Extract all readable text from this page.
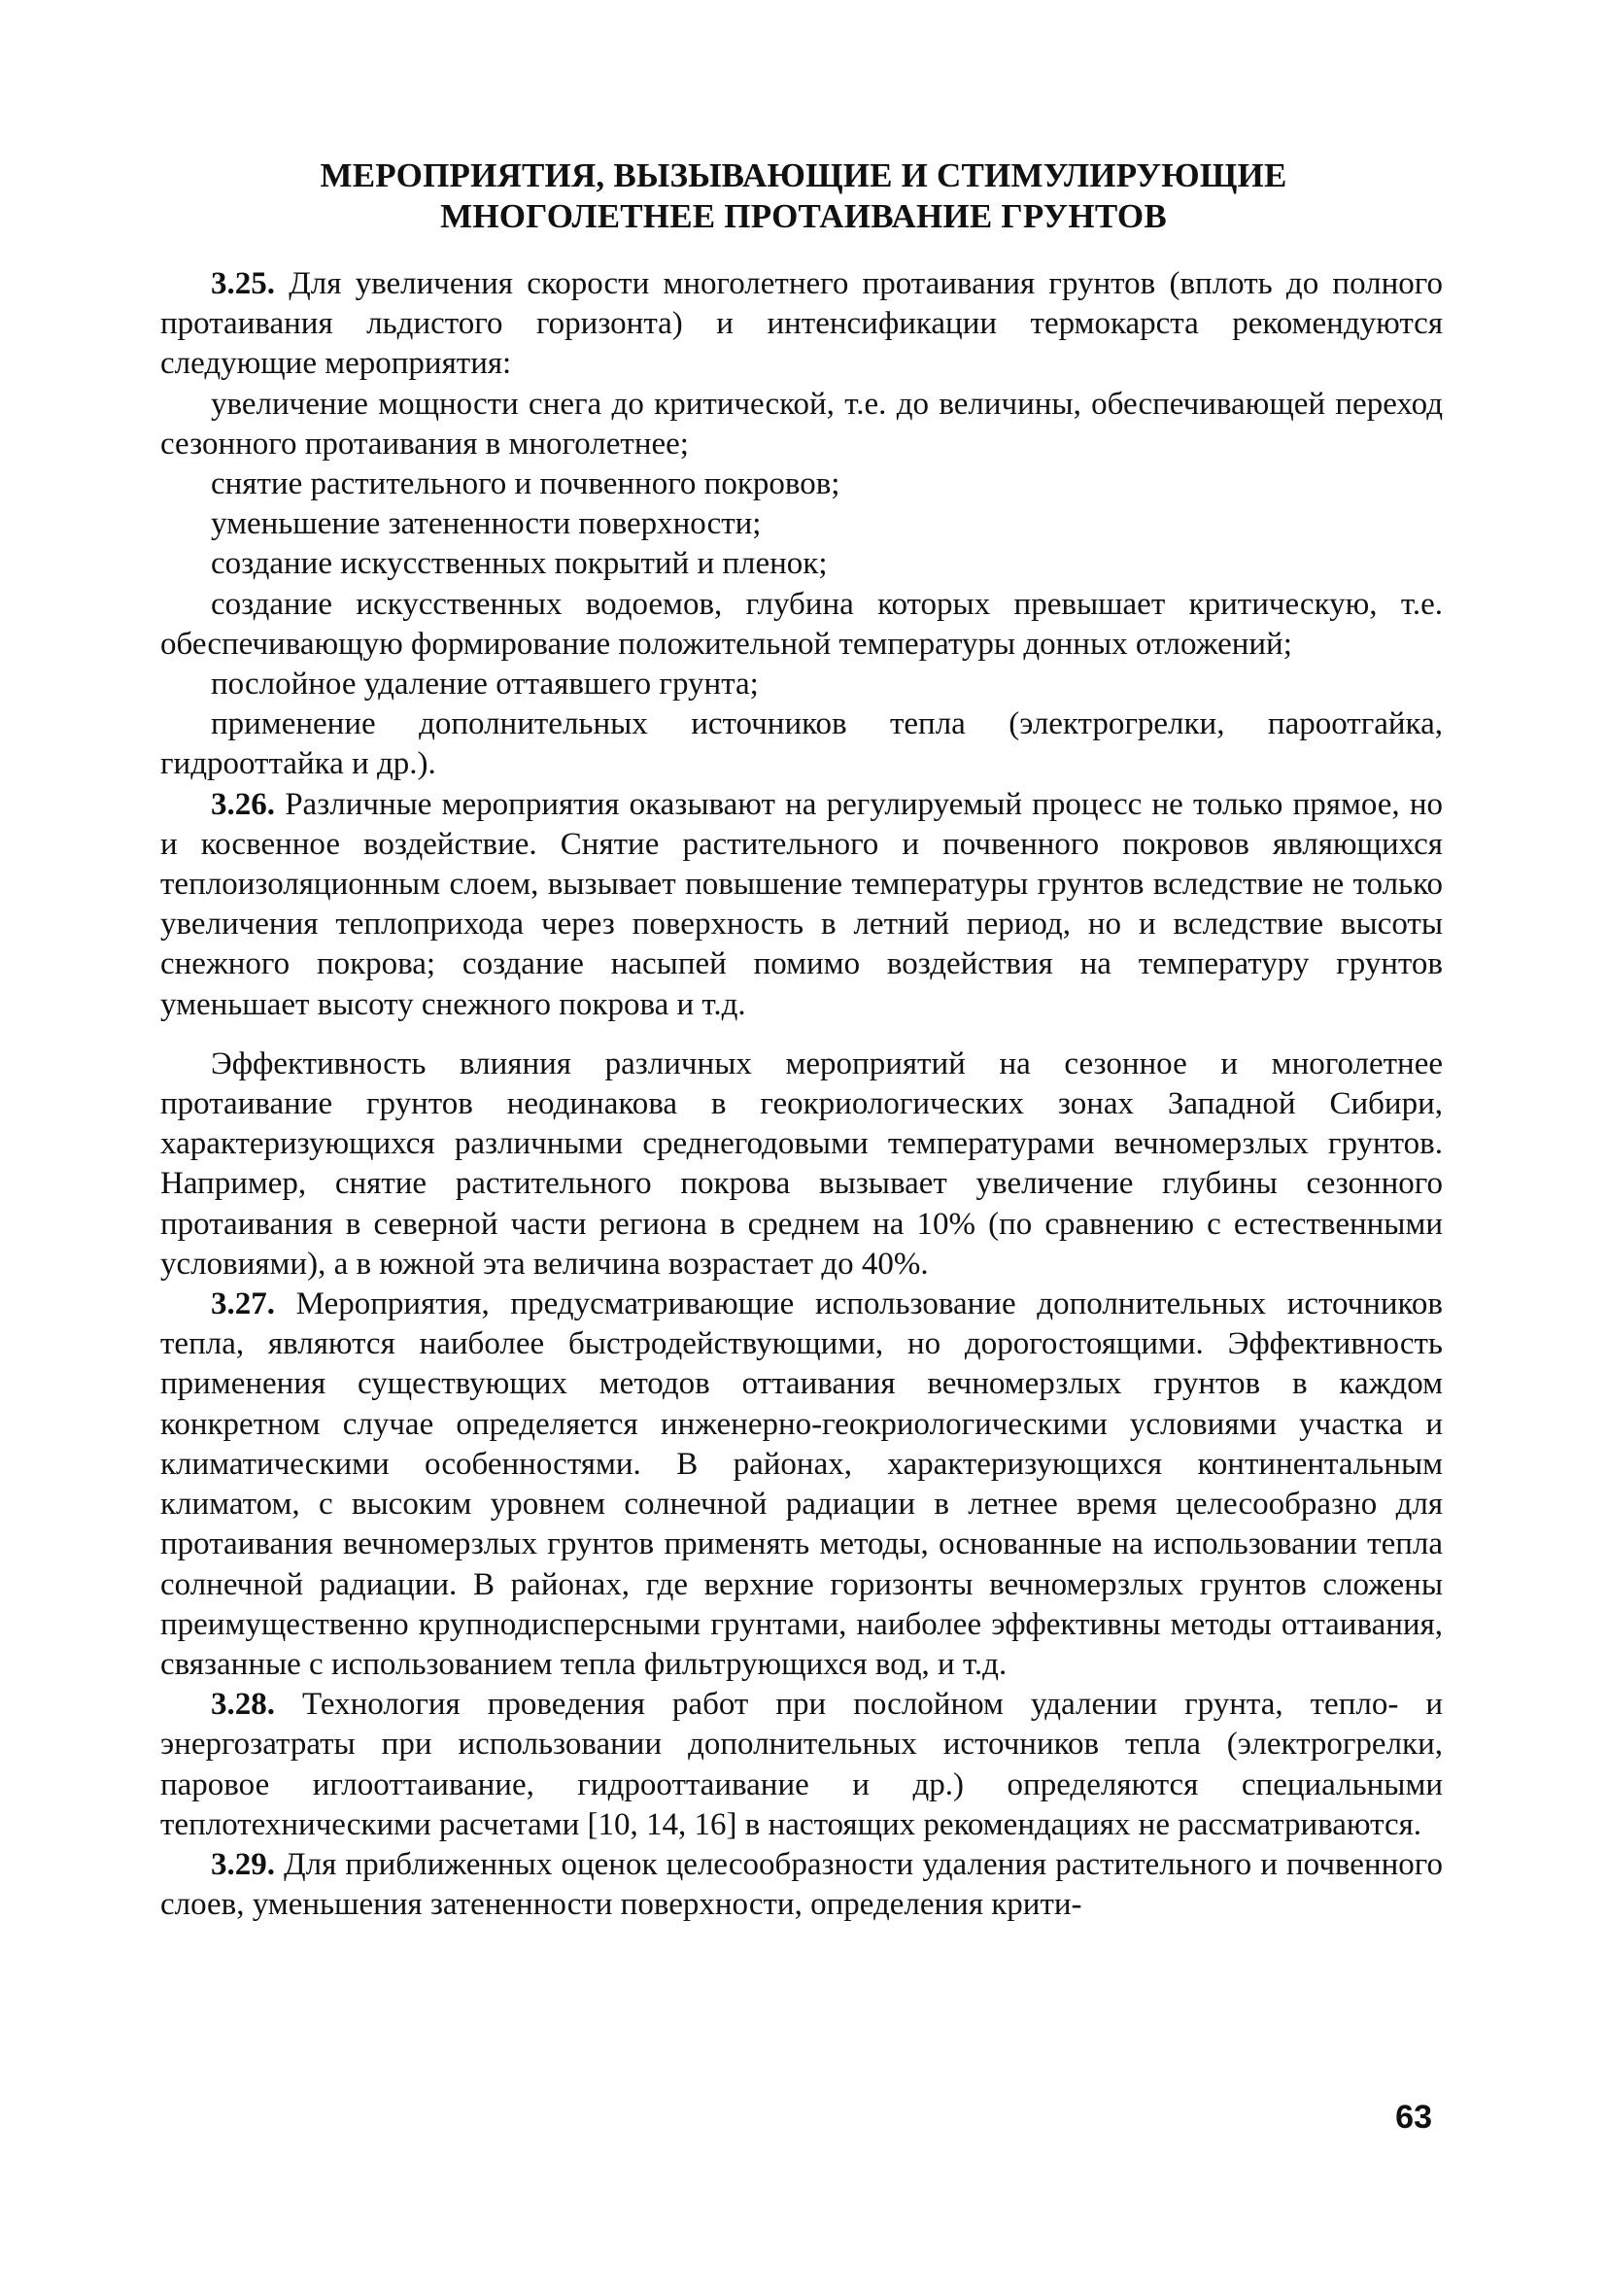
МЕРОПРИЯТИЯ, ВЫЗЫВАЮЩИЕ И СТИМУЛИРУЮЩИЕ
МНОГОЛЕТНЕЕ ПРОТАИВАНИЕ ГРУНТОВ

3.25. Для увеличения скорости многолетнего протаивания грунтов (вплоть до полного протаивания льдистого горизонта) и интенсификации термокарста рекомендуются следующие мероприятия:

увеличение мощности снега до критической, т.е. до величины, обеспечивающей переход сезонного протаивания в многолетнее;

снятие растительного и почвенного покровов;

уменьшение затененности поверхности;

создание искусственных покрытий и пленок;

создание искусственных водоемов, глубина которых превышает критическую, т.е. обеспечивающую формирование положительной температуры донных отложений;

послойное удаление оттаявшего грунта;

применение дополнительных источников тепла (электрогрелки, пароотгайка, гидрооттайка и др.).

3.26. Различные мероприятия оказывают на регулируемый процесс не только прямое, но и косвенное воздействие. Снятие растительного и почвенного покровов являющихся теплоизоляционным слоем, вызывает повышение температуры грунтов вследствие не только увеличения теплоприхода через поверхность в летний период, но и вследствие высоты снежного покрова; создание насыпей помимо воздействия на температуру грунтов уменьшает высоту снежного покрова и т.д.

Эффективность влияния различных мероприятий на сезонное и многолетнее протаивание грунтов неодинакова в геокриологических зонах Западной Сибири, характеризующихся различными среднегодовыми температурами вечномерзлых грунтов. Например, снятие растительного покрова вызывает увеличение глубины сезонного протаивания в северной части региона в среднем на 10% (по сравнению с естественными условиями), а в южной эта величина возрастает до 40%.

3.27. Мероприятия, предусматривающие использование дополнительных источников тепла, являются наиболее быстродействующими, но дорогостоящими. Эффективность применения существующих методов оттаивания вечномерзлых грунтов в каждом конкретном случае определяется инженерно-геокриологическими условиями участка и климатическими особенностями. В районах, характеризующихся континентальным климатом, с высоким уровнем солнечной радиации в летнее время целесообразно для протаивания вечномерзлых грунтов применять методы, основанные на использовании тепла солнечной радиации. В районах, где верхние горизонты вечномерзлых грунтов сложены преимущественно крупнодисперсными грунтами, наиболее эффективны методы оттаивания, связанные с использованием тепла фильтрующихся вод, и т.д.

3.28. Технология проведения работ при послойном удалении грунта, тепло- и энергозатраты при использовании дополнительных источников тепла (электрогрелки, паровое иглооттаивание, гидрооттаивание и др.) определяются специальными теплотехническими расчетами [10, 14, 16] в настоящих рекомендациях не рассматриваются.

3.29. Для приближенных оценок целесообразности удаления растительного и почвенного слоев, уменьшения затененности поверхности, определения крити-

63
